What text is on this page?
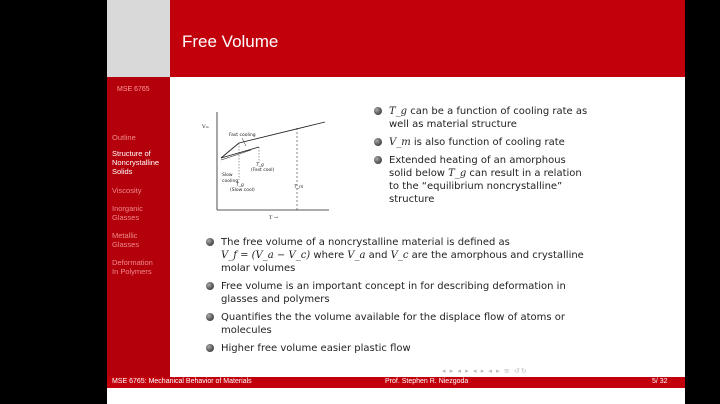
Free Volume
MSE 6765
Outline
Structure of
Noncrystalline
Solids
Viscosity
Inorganic
Glasses
Metallic
Glasses
Deformation
In Polymers
Vₘ
T →
Fast cooling
Slow
cooling
T_g
(Fast cool)
T_g
(Slow cool)
T_m
T_g can be a function of cooling rate as
well as material structure
V_m is also function of cooling rate
Extended heating of an amorphous
solid below T_g can result in a relation
to the “equilibrium noncrystalline”
structure
The free volume of a noncrystalline material is defined as
V_f = (V_a − V_c) where V_a and V_c are the amorphous and crystalline
molar volumes
Free volume is an important concept in for describing deformation in
glasses and polymers
Quantifies the the volume available for the displace flow of atoms or
molecules
Higher free volume easier plastic flow
◂ ▸ ◂ ▸ ◂ ▸ ◂ ▸ ≡ ↺↻
MSE 6765: Mechanical Behavior of Materials	Prof. Stephen R. Niezgoda	5/ 32
